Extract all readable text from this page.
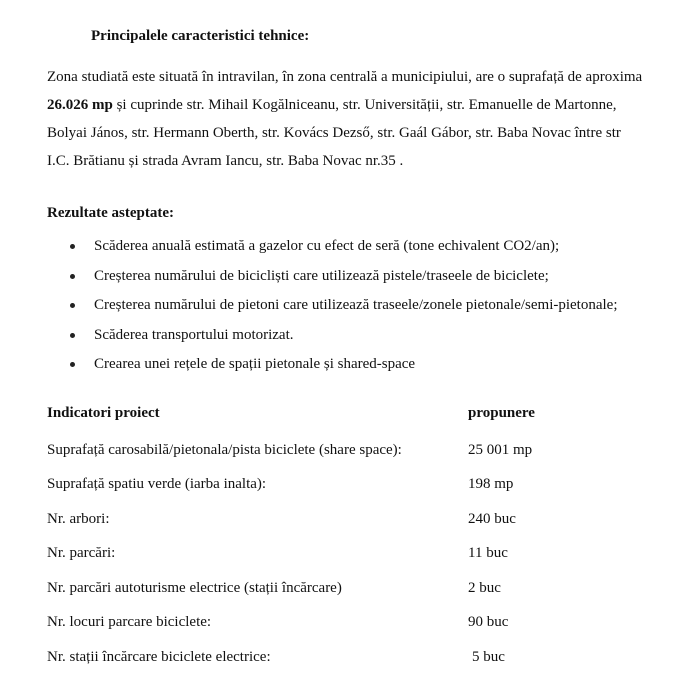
Principalele caracteristici tehnice:
Zona studiată este situată în intravilan, în zona centrală a municipiului, are o suprafață de aproxima
26.026 mp și cuprinde str. Mihail Kogălniceanu, str. Universității, str. Emanuelle de Martonne,
Bolyai János, str. Hermann Oberth, str. Kovács Dezső, str. Gaál Gábor, str. Baba Novac între str
I.C. Brătianu și strada Avram Iancu, str. Baba Novac nr.35 .
Rezultate asteptate:
Scăderea anuală estimată a gazelor cu efect de seră (tone echivalent CO2/an);
Creșterea numărului de bicicliști care utilizează pistele/traseele de biciclete;
Creșterea numărului de pietoni care utilizează traseele/zonele pietonale/semi-pietonale;
Scăderea transportului motorizat.
Crearea unei rețele de spații pietonale și shared-space
Indicatori proiect	propunere
Suprafață carosabilă/pietonala/pista biciclete (share space):	25 001 mp
Suprafață spatiu verde (iarba inalta):	198 mp
Nr. arbori:	240 buc
Nr. parcări:	11 buc
Nr. parcări autoturisme electrice (stații încărcare)	2 buc
Nr. locuri parcare biciclete:	90 buc
Nr. stații încărcare biciclete electrice:	5 buc
